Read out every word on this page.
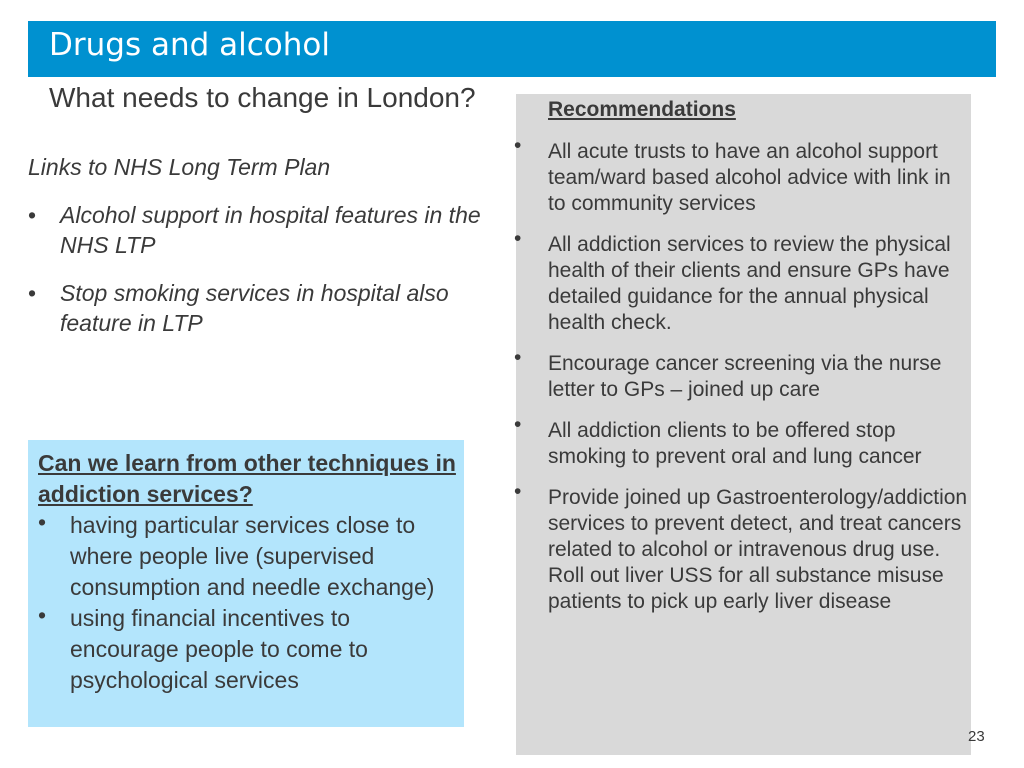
Drugs and alcohol
What needs to change in London?
Links to NHS Long Term Plan
• Alcohol support in hospital features in the NHS LTP
• Stop smoking services in hospital also feature in LTP
Recommendations
• All acute trusts to have an alcohol support team/ward based alcohol advice with link in to community services
• All addiction services to review the physical health of their clients and ensure GPs have detailed guidance for the annual physical health check.
• Encourage cancer screening via the nurse letter to GPs – joined up care
• All addiction clients to be offered stop smoking to prevent oral and lung cancer
• Provide joined up Gastroenterology/addiction services to prevent detect, and treat cancers related to alcohol or intravenous drug use. Roll out liver USS for all substance misuse patients to pick up early liver disease
Can we learn from other techniques in addiction services?
• having particular services close to where people live (supervised consumption and needle exchange)
• using financial incentives to encourage people to come to psychological services
23
